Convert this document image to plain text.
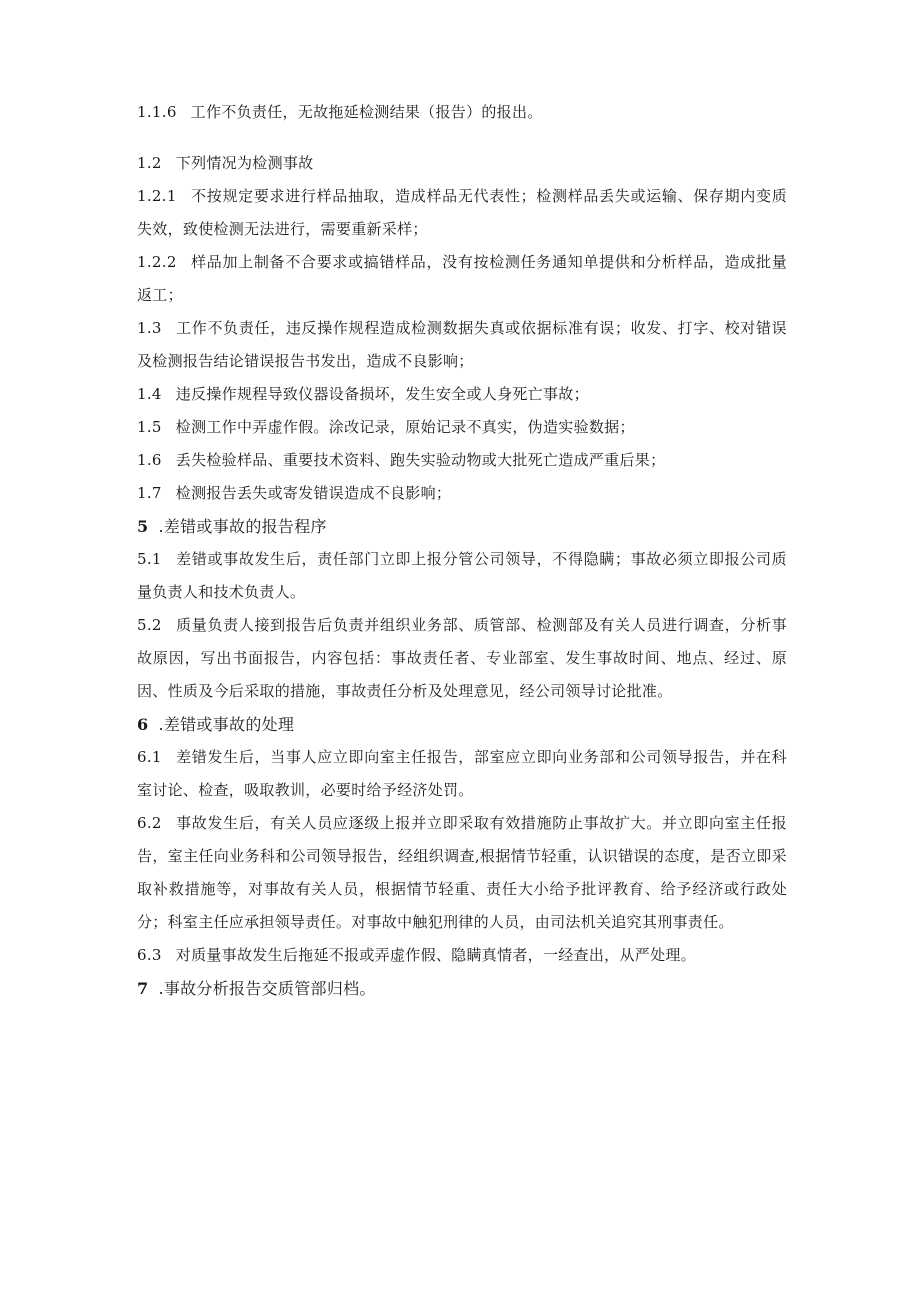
1.1.6 工作不负责任，无故拖延检测结果（报告）的报出。

1.2 下列情况为检测事故

1.2.1 不按规定要求进行样品抽取，造成样品无代表性；检测样品丢失或运输、保存期内变质失效，致使检测无法进行，需要重新采样；

1.2.2 样品加上制备不合要求或搞错样品，没有按检测任务通知单提供和分析样品，造成批量返工；

1.3 工作不负责任，违反操作规程造成检测数据失真或依据标准有误；收发、打字、校对错误及检测报告结论错误报告书发出，造成不良影响；

1.4 违反操作规程导致仪器设备损坏，发生安全或人身死亡事故；

1.5 检测工作中弄虚作假。涂改记录，原始记录不真实，伪造实验数据；

1.6 丢失检验样品、重要技术资料、跑失实验动物或大批死亡造成严重后果；

1.7 检测报告丢失或寄发错误造成不良影响；

5 .差错或事故的报告程序

5.1 差错或事故发生后，责任部门立即上报分管公司领导，不得隐瞒；事故必须立即报公司质量负责人和技术负责人。

5.2 质量负责人接到报告后负责并组织业务部、质管部、检测部及有关人员进行调查，分析事故原因，写出书面报告，内容包括：事故责任者、专业部室、发生事故时间、地点、经过、原因、性质及今后采取的措施，事故责任分析及处理意见，经公司领导讨论批准。

6 .差错或事故的处理

6.1 差错发生后，当事人应立即向室主任报告，部室应立即向业务部和公司领导报告，并在科室讨论、检查，吸取教训，必要时给予经济处罚。

6.2 事故发生后，有关人员应逐级上报并立即采取有效措施防止事故扩大。并立即向室主任报告，室主任向业务科和公司领导报告，经组织调查,根据情节轻重，认识错误的态度，是否立即采取补救措施等，对事故有关人员，根据情节轻重、责任大小给予批评教育、给予经济或行政处分；科室主任应承担领导责任。对事故中触犯刑律的人员，由司法机关追究其刑事责任。

6.3 对质量事故发生后拖延不报或弄虚作假、隐瞒真情者，一经查出，从严处理。

7 .事故分析报告交质管部归档。
